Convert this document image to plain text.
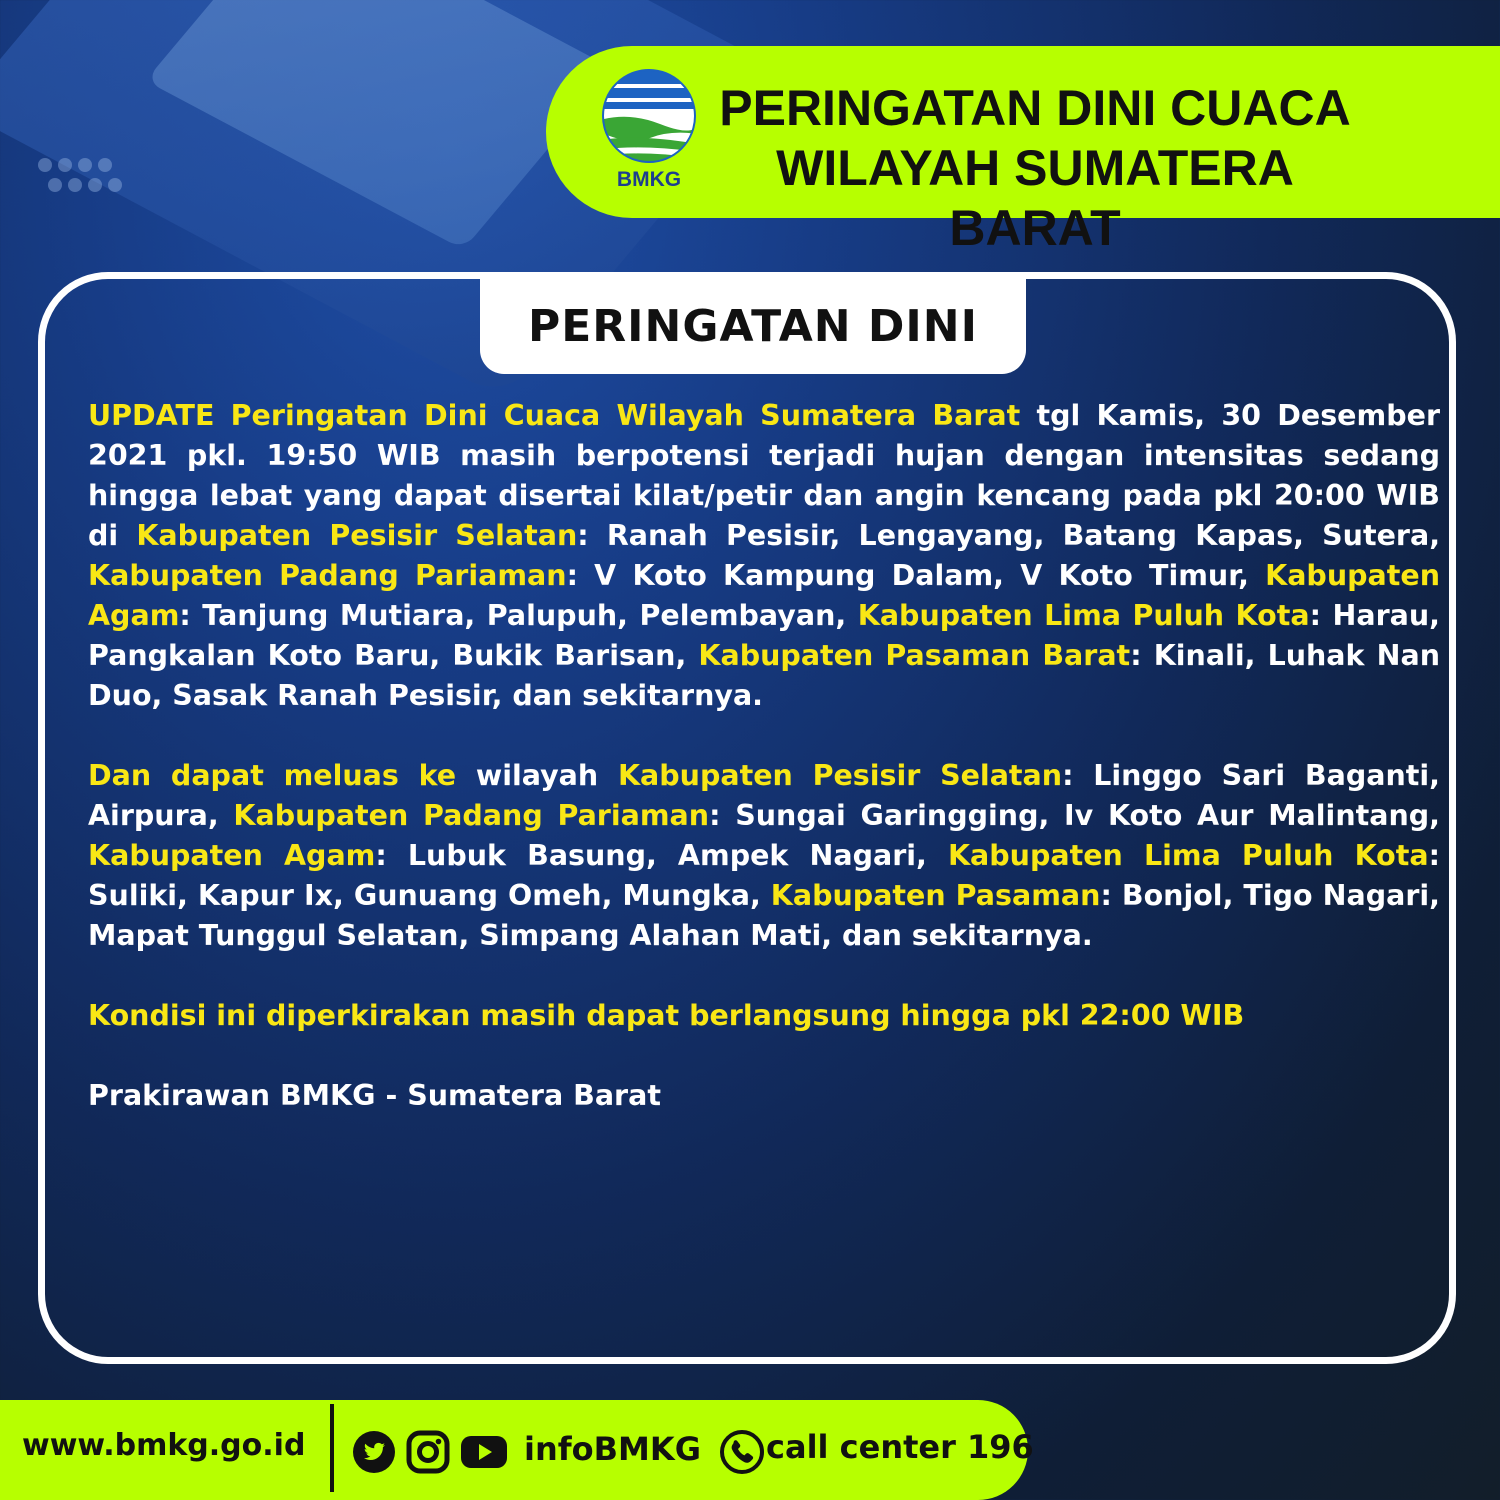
BMKG
PERINGATAN DINI CUACA
WILAYAH SUMATERA BARAT
PERINGATAN DINI

UPDATE Peringatan Dini Cuaca Wilayah Sumatera Barat tgl Kamis, 30 Desember 2021 pkl. 19:50 WIB masih berpotensi terjadi hujan dengan intensitas sedang hingga lebat yang dapat disertai kilat/petir dan angin kencang pada pkl 20:00 WIB di Kabupaten Pesisir Selatan: Ranah Pesisir, Lengayang, Batang Kapas, Sutera, Kabupaten Padang Pariaman: V Koto Kampung Dalam, V Koto Timur, Kabupaten Agam: Tanjung Mutiara, Palupuh, Pelembayan, Kabupaten Lima Puluh Kota: Harau, Pangkalan Koto Baru, Bukik Barisan, Kabupaten Pasaman Barat: Kinali, Luhak Nan Duo, Sasak Ranah Pesisir, dan sekitarnya.

Dan dapat meluas ke wilayah Kabupaten Pesisir Selatan: Linggo Sari Baganti, Airpura, Kabupaten Padang Pariaman: Sungai Garingging, Iv Koto Aur Malintang, Kabupaten Agam: Lubuk Basung, Ampek Nagari, Kabupaten Lima Puluh Kota: Suliki, Kapur Ix, Gunuang Omeh, Mungka, Kabupaten Pasaman: Bonjol, Tigo Nagari, Mapat Tunggul Selatan, Simpang Alahan Mati, dan sekitarnya.

Kondisi ini diperkirakan masih dapat berlangsung hingga pkl 22:00 WIB

Prakirawan BMKG - Sumatera Barat

www.bmkg.go.id	infoBMKG call center 196
